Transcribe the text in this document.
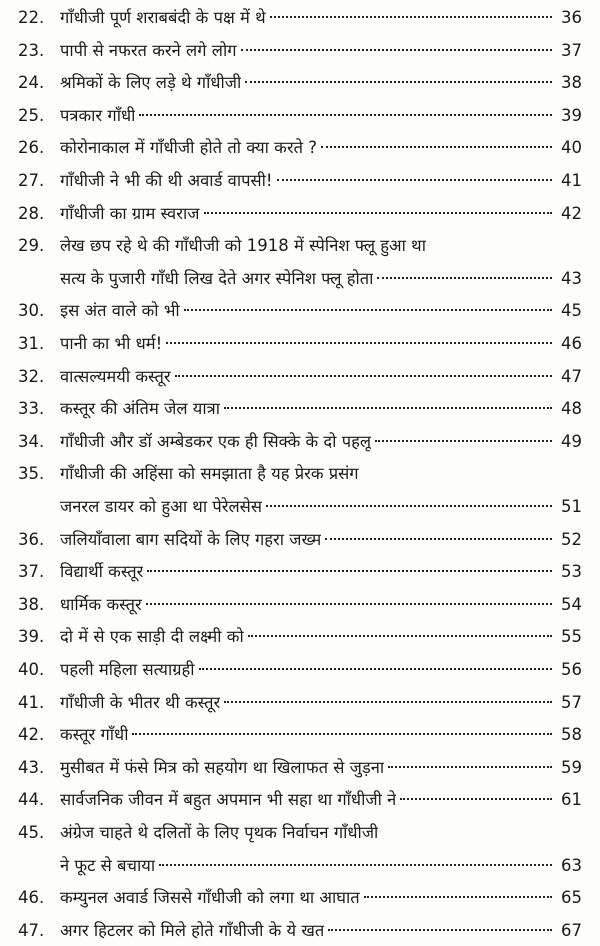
22. गाँधीजी पूर्ण शराबबंदी के पक्ष में थे	36
23. पापी से नफरत करने लगे लोग	37
24. श्रमिकों के लिए लड़े थे गाँधीजी	38
25. पत्रकार गाँधी	39
26. कोरोनाकाल में गाँधीजी होते तो क्या करते ?	40
27. गाँधीजी ने भी की थी अवार्ड वापसी!	41
28. गाँधीजी का ग्राम स्वराज	42
29. लेख छप रहे थे की गाँधीजी को 1918 में स्पेनिश फ्लू हुआ था
सत्य के पुजारी गाँधी लिख देते अगर स्पेनिश फ्लू होता	43
30. इस अंत वाले को भी	45
31. पानी का भी धर्म!	46
32. वात्सल्यमयी कस्तूर	47
33. कस्तूर की अंतिम जेल यात्रा	48
34. गाँधीजी और डॉ अम्बेडकर एक ही सिक्के के दो पहलू	49
35. गाँधीजी की अहिंसा को समझाता है यह प्रेरक प्रसंग
जनरल डायर को हुआ था पेरेलसेस	51
36. जलियाँवाला बाग सदियों के लिए गहरा जख्म	52
37. विद्यार्थी कस्तूर	53
38. धार्मिक कस्तूर	54
39. दो में से एक साड़ी दी लक्ष्मी को	55
40. पहली महिला सत्याग्रही	56
41. गाँधीजी के भीतर थी कस्तूर	57
42. कस्तूर गाँधी	58
43. मुसीबत में फंसे मित्र को सहयोग था खिलाफत से जुड़ना	59
44. सार्वजनिक जीवन में बहुत अपमान भी सहा था गाँधीजी ने	61
45. अंग्रेज चाहते थे दलितों के लिए पृथक निर्वाचन गाँधीजी
ने फूट से बचाया	63
46. कम्युनल अवार्ड जिससे गाँधीजी को लगा था आघात	65
47. अगर हिटलर को मिले होते गाँधीजी के ये खत	67
